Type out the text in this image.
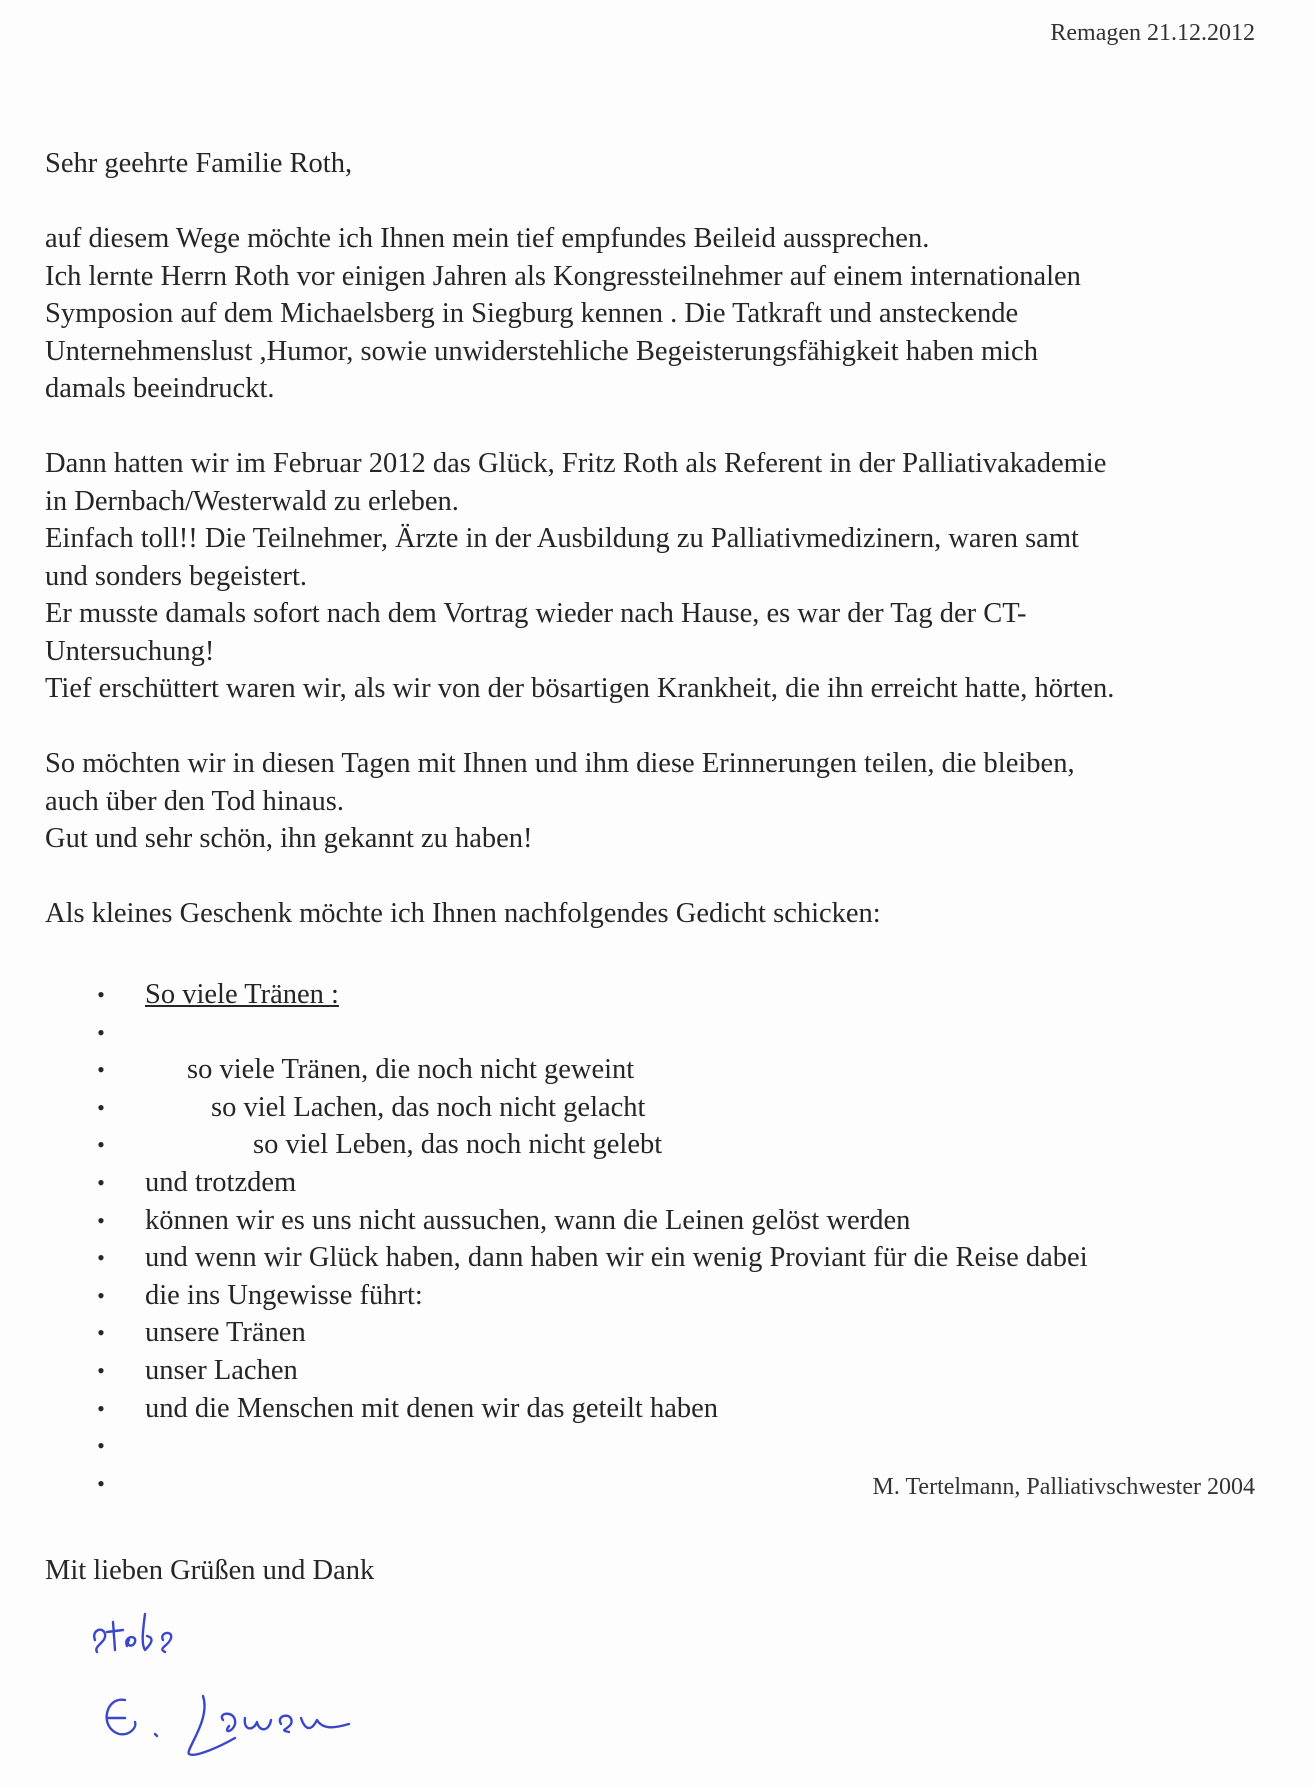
Remagen 21.12.2012

Sehr geehrte Familie Roth,

auf diesem Wege möchte ich Ihnen mein tief empfundes Beileid aussprechen.

Ich lernte Herrn Roth vor einigen Jahren als Kongressteilnehmer auf einem internationalen

Symposion auf dem Michaelsberg in Siegburg kennen . Die Tatkraft und ansteckende

Unternehmenslust ,Humor, sowie unwiderstehliche Begeisterungsfähigkeit haben mich

damals beeindruckt.

Dann hatten wir im Februar 2012 das Glück, Fritz Roth als Referent in der Palliativakademie

in Dernbach/Westerwald zu erleben.

Einfach toll!! Die Teilnehmer, Ärzte in der Ausbildung zu Palliativmedizinern, waren samt

und sonders begeistert.

Er musste damals sofort nach dem Vortrag wieder nach Hause, es war der Tag der CT-

Untersuchung!

Tief erschüttert waren wir, als wir von der bösartigen Krankheit, die ihn erreicht hatte, hörten.

So möchten wir in diesen Tagen mit Ihnen und ihm diese Erinnerungen teilen, die bleiben,

auch über den Tod hinaus.

Gut und sehr schön, ihn gekannt zu haben!

Als kleines Geschenk möchte ich Ihnen nachfolgendes Gedicht schicken:

• So viele Tränen :
•
•	so viele Tränen, die noch nicht geweint
•	so viel Lachen, das noch nicht gelacht
•	so viel Leben, das noch nicht gelebt
• und trotzdem
• können wir es uns nicht aussuchen, wann die Leinen gelöst werden
• und wenn wir Glück haben, dann haben wir ein wenig Proviant für die Reise dabei
• die ins Ungewisse führt:
• unsere Tränen
• unser Lachen
• und die Menschen mit denen wir das geteilt haben
•
•	M. Tertelmann, Palliativschwester 2004
Mit lieben Grüßen und Dank
